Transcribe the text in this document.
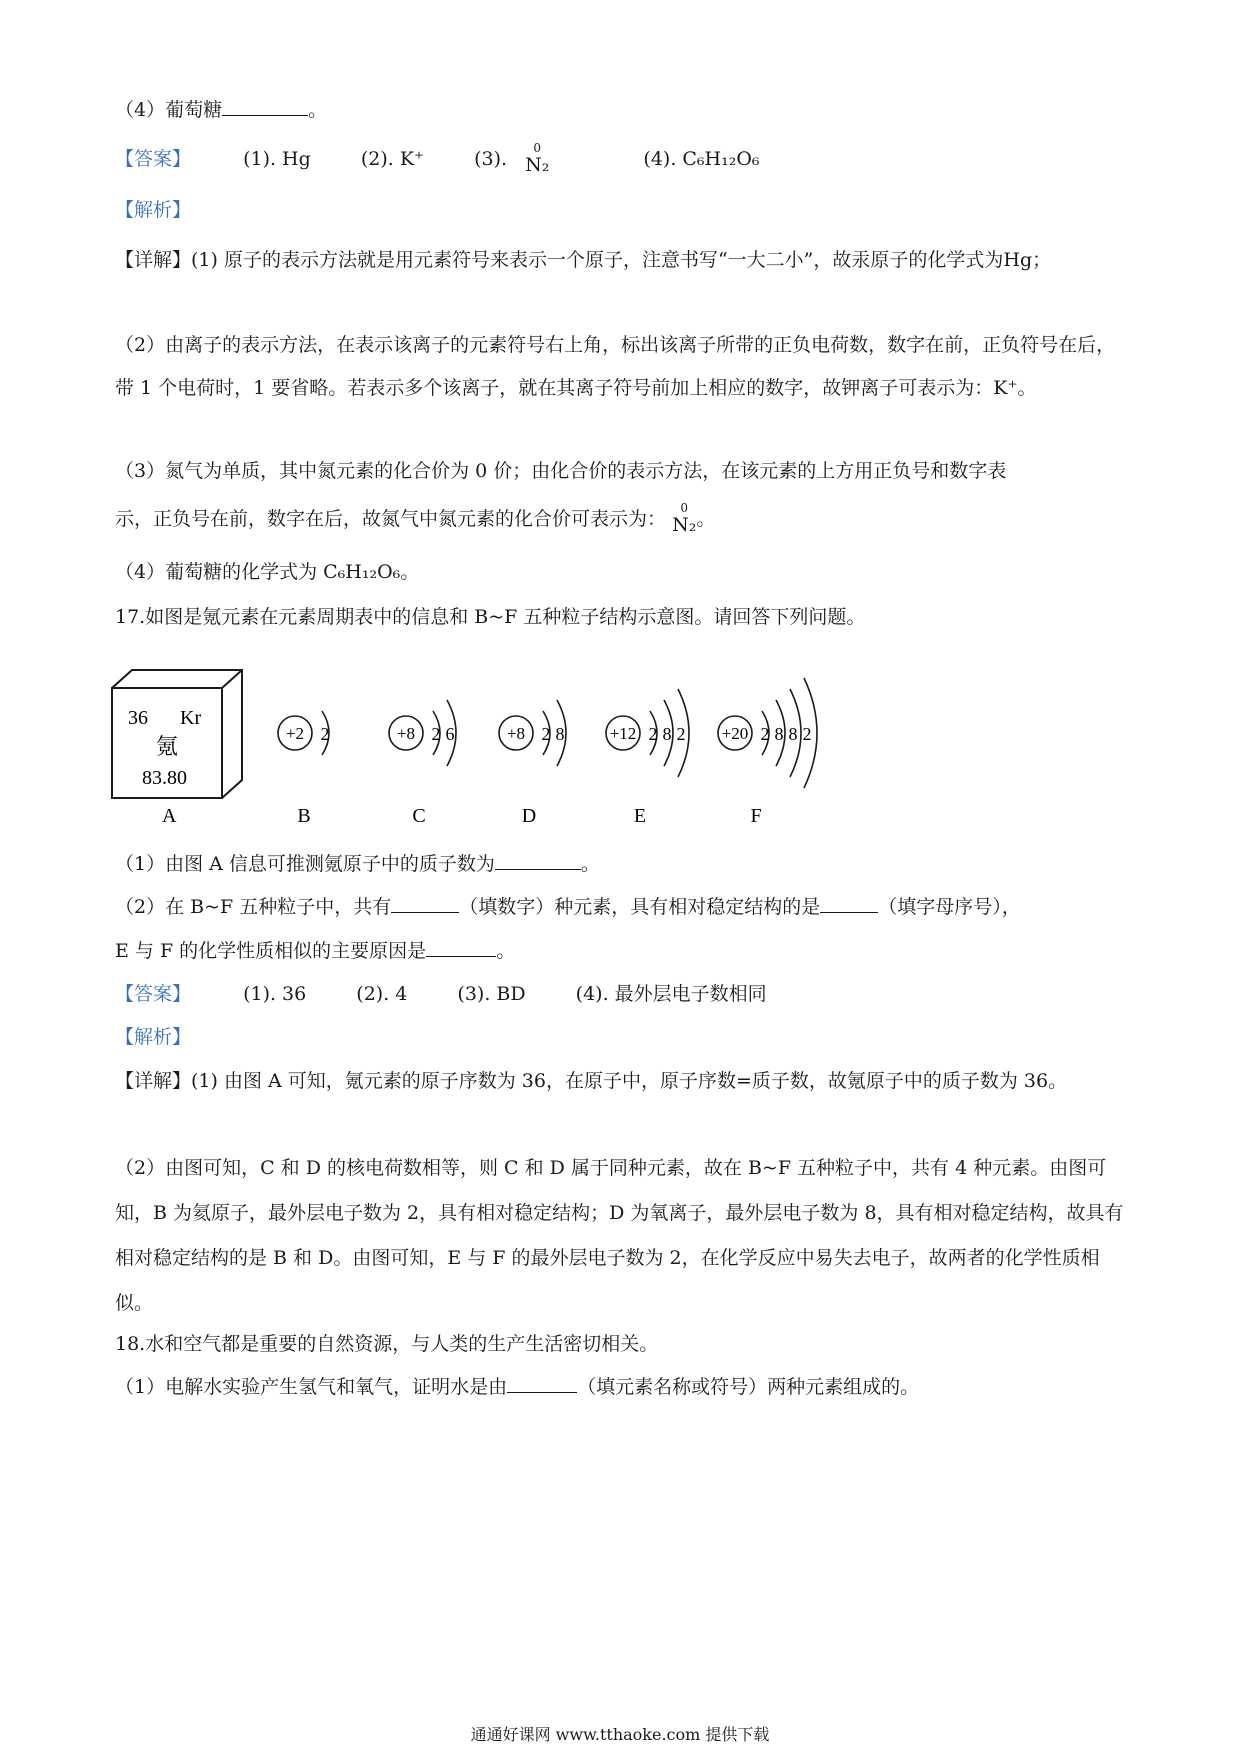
（4）葡萄糖	。
【答案】	(1). Hg	(2). K⁺	(3).	0
N₂	(4). C₆H₁₂O₆
【解析】
【详解】(1) 原子的表示方法就是用元素符号来表示一个原子，注意书写“一大二小”，故汞原子的化学式为Hg；
（2）由离子的表示方法，在表示该离子的元素符号右上角，标出该离子所带的正负电荷数，数字在前，正负符号在后，带 1 个电荷时，1 要省略。若表示多个该离子，就在其离子符号前加上相应的数字，故钾离子可表示为：K⁺。
（3）氮气为单质，其中氮元素的化合价为 0 价；由化合价的表示方法，在该元素的上方用正负号和数字表
示，正负号在前，数字在后，故氮气中氮元素的化合价可表示为：	0
N₂。
（4）葡萄糖的化学式为 C₆H₁₂O₆。
17.如图是氪元素在元素周期表中的信息和 B~F 五种粒子结构示意图。请回答下列问题。
36 Kr
氪
83.80
A
+2 2
B
+8 2 6
C
+8 2 8
D
+12 2 8 2
E
+20 2 8 8 2
F
（1）由图 A 信息可推测氪原子中的质子数为	。
（2）在 B~F 五种粒子中，共有	（填数字）种元素，具有相对稳定结构的是	（填字母序号），
E 与 F 的化学性质相似的主要原因是	。
【答案】	(1). 36	(2). 4	(3). BD	(4). 最外层电子数相同
【解析】
【详解】(1) 由图 A 可知，氪元素的原子序数为 36，在原子中，原子序数=质子数，故氪原子中的质子数为 36。
（2）由图可知，C 和 D 的核电荷数相等，则 C 和 D 属于同种元素，故在 B~F 五种粒子中，共有 4 种元素。由图可知，B 为氦原子，最外层电子数为 2，具有相对稳定结构；D 为氧离子，最外层电子数为 8，具有相对稳定结构，故具有相对稳定结构的是 B 和 D。由图可知，E 与 F 的最外层电子数为 2，在化学反应中易失去电子，故两者的化学性质相似。
18.水和空气都是重要的自然资源，与人类的生产生活密切相关。
（1）电解水实验产生氢气和氧气，证明水是由	（填元素名称或符号）两种元素组成的。
通通好课网 www.tthaoke.com 提供下载
